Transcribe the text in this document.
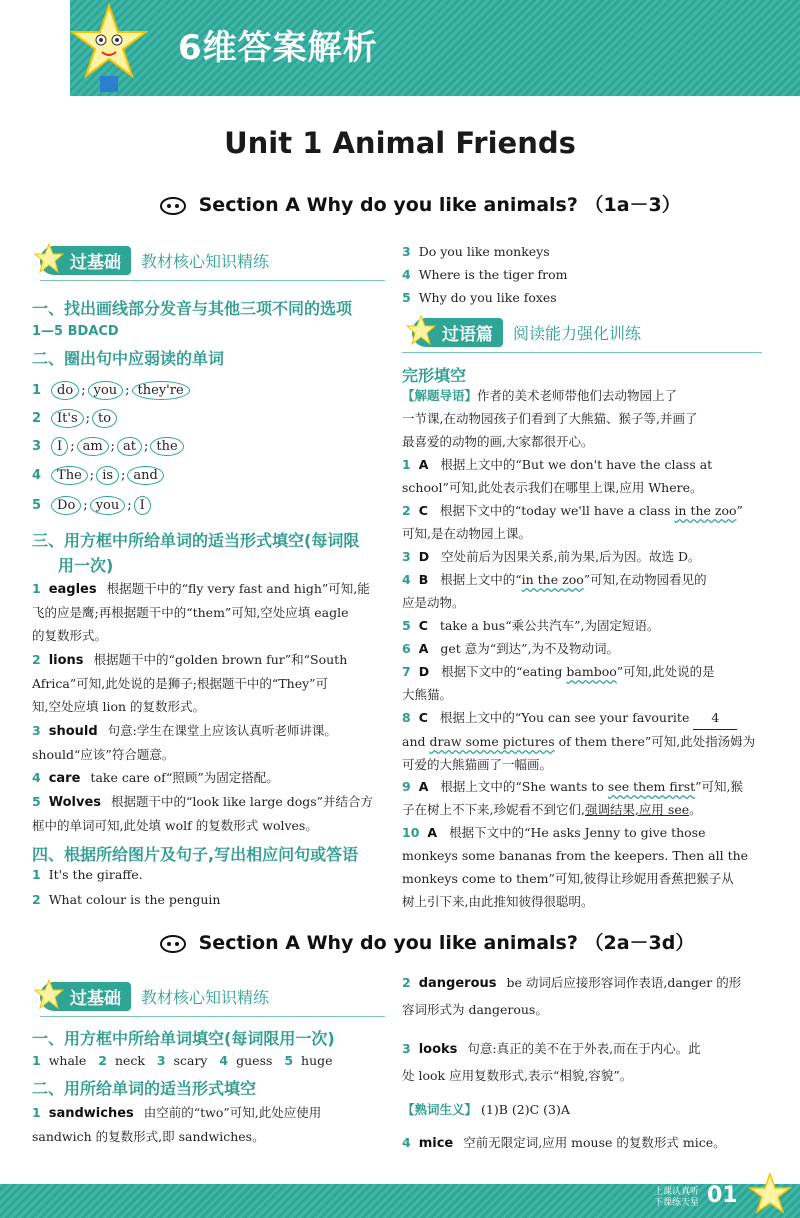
6维答案解析
Unit 1 Animal Friends
Section A Why do you like animals? （1a－3）
过基础	教材核心知识精练
一、找出画线部分发音与其他三项不同的选项
1—5 BDACD
二、圈出句中应弱读的单词
1	do ; you ; they're
2	It's ; to
3	I ; am ; at ; the
4	The ; is ; and
5	Do ; you ; I
三、用方框中所给单词的适当形式填空(每词限
用一次)
1 eagles 根据题干中的“fly very fast and high”可知,能
飞的应是鹰;再根据题干中的“them”可知,空处应填 eagle
的复数形式。
2 lions 根据题干中的“golden brown fur”和“South
Africa”可知,此处说的是狮子;根据题干中的“They”可
知,空处应填 lion 的复数形式。
3 should 句意:学生在课堂上应该认真听老师讲课。
should“应该”符合题意。
4 care take care of“照顾”为固定搭配。
5 Wolves 根据题干中的“look like large dogs”并结合方
框中的单词可知,此处填 wolf 的复数形式 wolves。
四、根据所给图片及句子,写出相应问句或答语
1 It's the giraffe.
2 What colour is the penguin
3 Do you like monkeys
4 Where is the tiger from
5 Why do you like foxes
过语篇	阅读能力强化训练
完形填空
【解题导语】作者的美术老师带他们去动物园上了
一节课,在动物园孩子们看到了大熊猫、猴子等,并画了
最喜爱的动物的画,大家都很开心。
1 A 根据上文中的“But we don't have the class at
school”可知,此处表示我们在哪里上课,应用 Where。
2 C 根据下文中的“today we'll have a class in the zoo”
可知,是在动物园上课。
3 D 空处前后为因果关系,前为果,后为因。故选 D。
4 B 根据上文中的“in the zoo”可知,在动物园看见的
应是动物。
5 C take a bus“乘公共汽车”,为固定短语。
6 A get 意为“到达”,为不及物动词。
7 D 根据下文中的“eating bamboo”可知,此处说的是
大熊猫。
8 C 根据上文中的“You can see your favourite 4
and draw some pictures of them there”可知,此处指汤姆为
可爱的大熊猫画了一幅画。
9 A 根据上文中的“She wants to see them first”可知,猴
子在树上不下来,珍妮看不到它们,强调结果,应用 see。
10 A 根据下文中的“He asks Jenny to give those
monkeys some bananas from the keepers. Then all the
monkeys come to them”可知,彼得让珍妮用香蕉把猴子从
树上引下来,由此推知彼得很聪明。
Section A Why do you like animals? （2a－3d）
过基础	教材核心知识精练
一、用方框中所给单词填空(每词限用一次)
1 whale 2 neck 3 scary 4 guess 5 huge
二、用所给单词的适当形式填空
1 sandwiches 由空前的“two”可知,此处应使用
sandwich 的复数形式,即 sandwiches。
2 dangerous be 动词后应接形容词作表语,danger 的形
容词形式为 dangerous。
3 looks 句意:真正的美不在于外表,而在于内心。此
处 look 应用复数形式,表示“相貌,容貌”。
【熟词生义】 (1)B (2)C (3)A
4 mice 空前无限定词,应用 mouse 的复数形式 mice。
上课认真听
下课练天星 01
